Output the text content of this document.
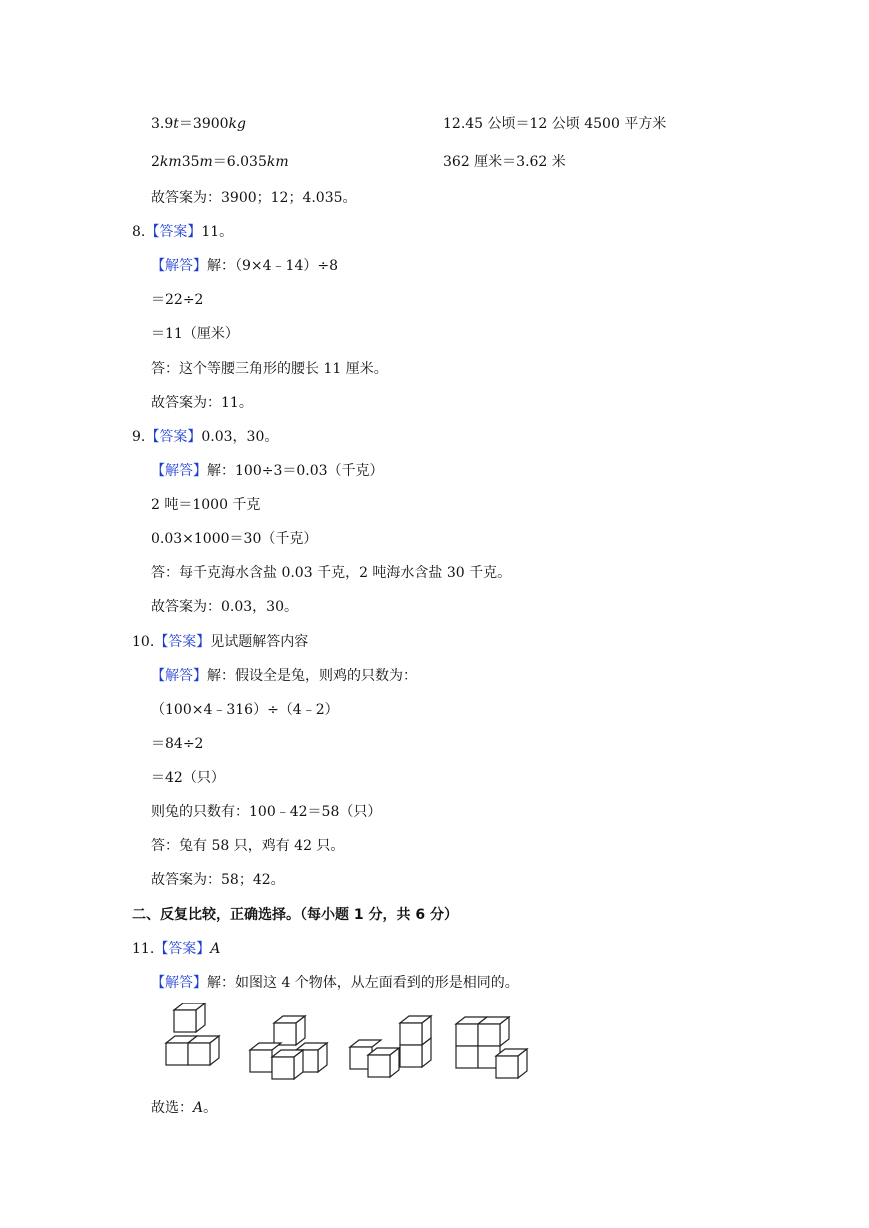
3.9t＝3900kg	12.45 公顷＝12 公顷 4500 平方米
2km35m＝6.035km	362 厘米＝3.62 米
故答案为：3900；12；4.035。
8.【答案】11。
【解答】解：（9×4﹣14）÷8
＝22÷2
＝11（厘米）
答：这个等腰三角形的腰长 11 厘米。
故答案为：11。
9.【答案】0.03，30。
【解答】解：100÷3＝0.03（千克）
2 吨＝1000 千克
0.03×1000＝30（千克）
答：每千克海水含盐 0.03 千克，2 吨海水含盐 30 千克。
故答案为：0.03，30。
10.【答案】见试题解答内容
【解答】解：假设全是兔，则鸡的只数为：
（100×4﹣316）÷（4﹣2）
＝84÷2
＝42（只）
则兔的只数有：100﹣42＝58（只）
答：兔有 58 只，鸡有 42 只。
故答案为：58；42。
二、反复比较，正确选择。（每小题 1 分，共 6 分）
11.【答案】A
【解答】解：如图这 4 个物体，从左面看到的形是相同的。
故选：A。
